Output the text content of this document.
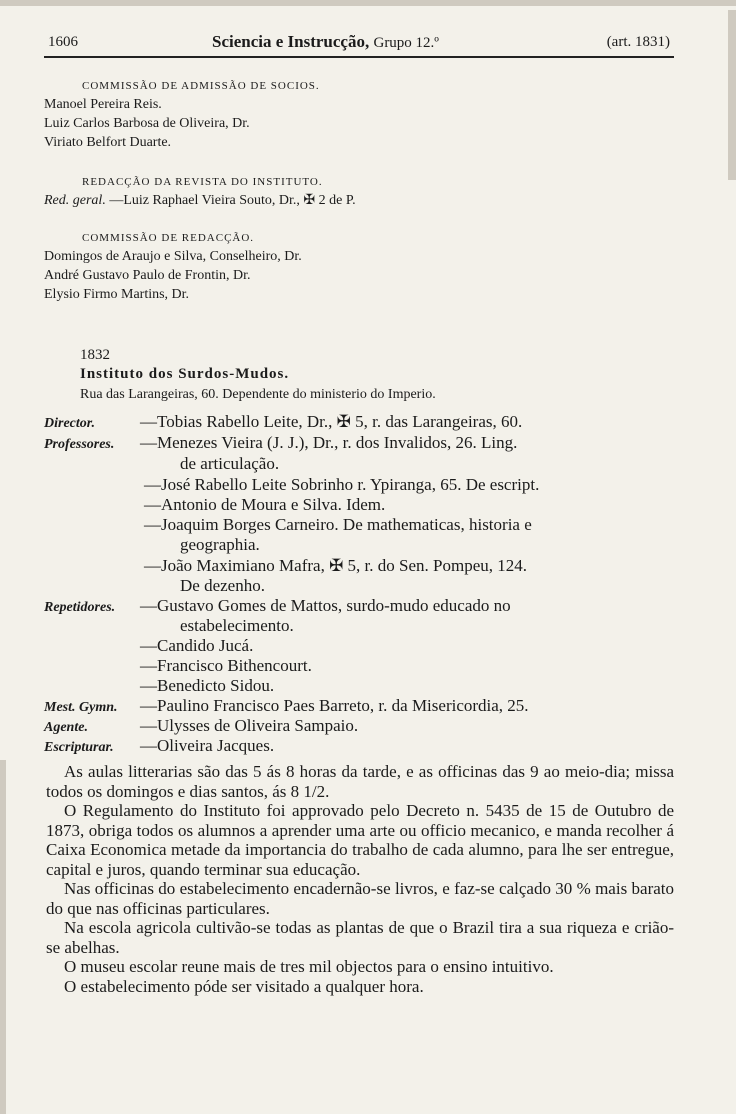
1606	Sciencia e Instrucção, Grupo 12.º	(art. 1831)
COMMISSÃO DE ADMISSÃO DE SOCIOS.
Manoel Pereira Reis.
Luiz Carlos Barbosa de Oliveira, Dr.
Viriato Belfort Duarte.
REDACÇÃO DA REVISTA DO INSTITUTO.
Red. geral. —Luiz Raphael Vieira Souto, Dr., ✠ 2 de P.
COMMISSÃO DE REDACÇÃO.
Domingos de Araujo e Silva, Conselheiro, Dr.
André Gustavo Paulo de Frontin, Dr.
Elysio Firmo Martins, Dr.
1832
Instituto dos Surdos-Mudos.
Rua das Larangeiras, 60. Dependente do ministerio do Imperio.
Director.	—Tobias Rabello Leite, Dr., ✠ 5, r. das Larangeiras, 60.
Professores. —Menezes Vieira (J. J.), Dr., r. dos Invalidos, 26. Ling.
de articulação.
—José Rabello Leite Sobrinho r. Ypiranga, 65. De escript.
—Antonio de Moura e Silva. Idem.
—Joaquim Borges Carneiro. De mathematicas, historia e
geographia.
—João Maximiano Mafra, ✠ 5, r. do Sen. Pompeu, 124.
De dezenho.
Repetidores. —Gustavo Gomes de Mattos, surdo-mudo educado no
estabelecimento.
—Candido Jucá.
—Francisco Bithencourt.
—Benedicto Sidou.
Mest. Gymn. —Paulino Francisco Paes Barreto, r. da Misericordia, 25.
Agente.	—Ulysses de Oliveira Sampaio.
Escripturar. —Oliveira Jacques.

As aulas litterarias são das 5 ás 8 horas da tarde, e as officinas das 9 ao meio-dia; missa todos os domingos e dias santos, ás 8 1/2.

O Regulamento do Instituto foi approvado pelo Decreto n. 5435 de 15 de Outubro de 1873, obriga todos os alumnos a aprender uma arte ou officio mecanico, e manda recolher á Caixa Economica metade da importancia do trabalho de cada alumno, para lhe ser entregue, capital e juros, quando terminar sua educação.

Nas officinas do estabelecimento encadernão-se livros, e faz-se calçado 30 % mais barato do que nas officinas particulares.

Na escola agricola cultivão-se todas as plantas de que o Brazil tira a sua riqueza e crião-se abelhas.

O museu escolar reune mais de tres mil objectos para o ensino intuitivo.

O estabelecimento póde ser visitado a qualquer hora.
